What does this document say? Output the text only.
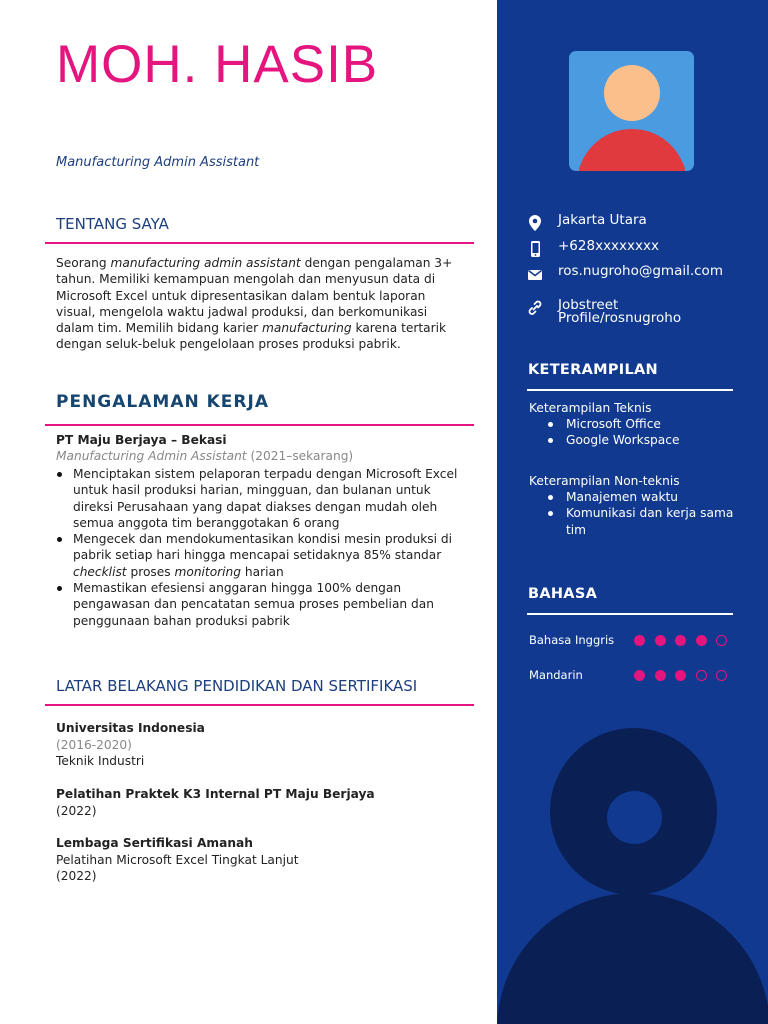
MOH. HASIB
Manufacturing Admin Assistant
TENTANG SAYA
Seorang manufacturing admin assistant dengan pengalaman 3+ tahun. Memiliki kemampuan mengolah dan menyusun data di Microsoft Excel untuk dipresentasikan dalam bentuk laporan visual, mengelola waktu jadwal produksi, dan berkomunikasi dalam tim. Memilih bidang karier manufacturing karena tertarik dengan seluk-beluk pengelolaan proses produksi pabrik.
PENGALAMAN KERJA
PT Maju Berjaya – Bekasi
Manufacturing Admin Assistant (2021–sekarang)
Menciptakan sistem pelaporan terpadu dengan Microsoft Excel untuk hasil produksi harian, mingguan, dan bulanan untuk direksi Perusahaan yang dapat diakses dengan mudah oleh semua anggota tim beranggotakan 6 orang
Mengecek dan mendokumentasikan kondisi mesin produksi di pabrik setiap hari hingga mencapai setidaknya 85% standar checklist proses monitoring harian
Memastikan efesiensi anggaran hingga 100% dengan pengawasan dan pencatatan semua proses pembelian dan penggunaan bahan produksi pabrik
LATAR BELAKANG PENDIDIKAN DAN SERTIFIKASI
Universitas Indonesia
(2016-2020)
Teknik Industri
Pelatihan Praktek K3 Internal PT Maju Berjaya
(2022)
Lembaga Sertifikasi Amanah
Pelatihan Microsoft Excel Tingkat Lanjut
(2022)
Jakarta Utara
+628xxxxxxxx
ros.nugroho@gmail.com
Jobstreet Profile/rosnugroho
KETERAMPILAN
Keterampilan Teknis
Microsoft Office
Google Workspace
Keterampilan Non-teknis
Manajemen waktu
Komunikasi dan kerja sama tim
BAHASA
Bahasa Inggris
Mandarin
